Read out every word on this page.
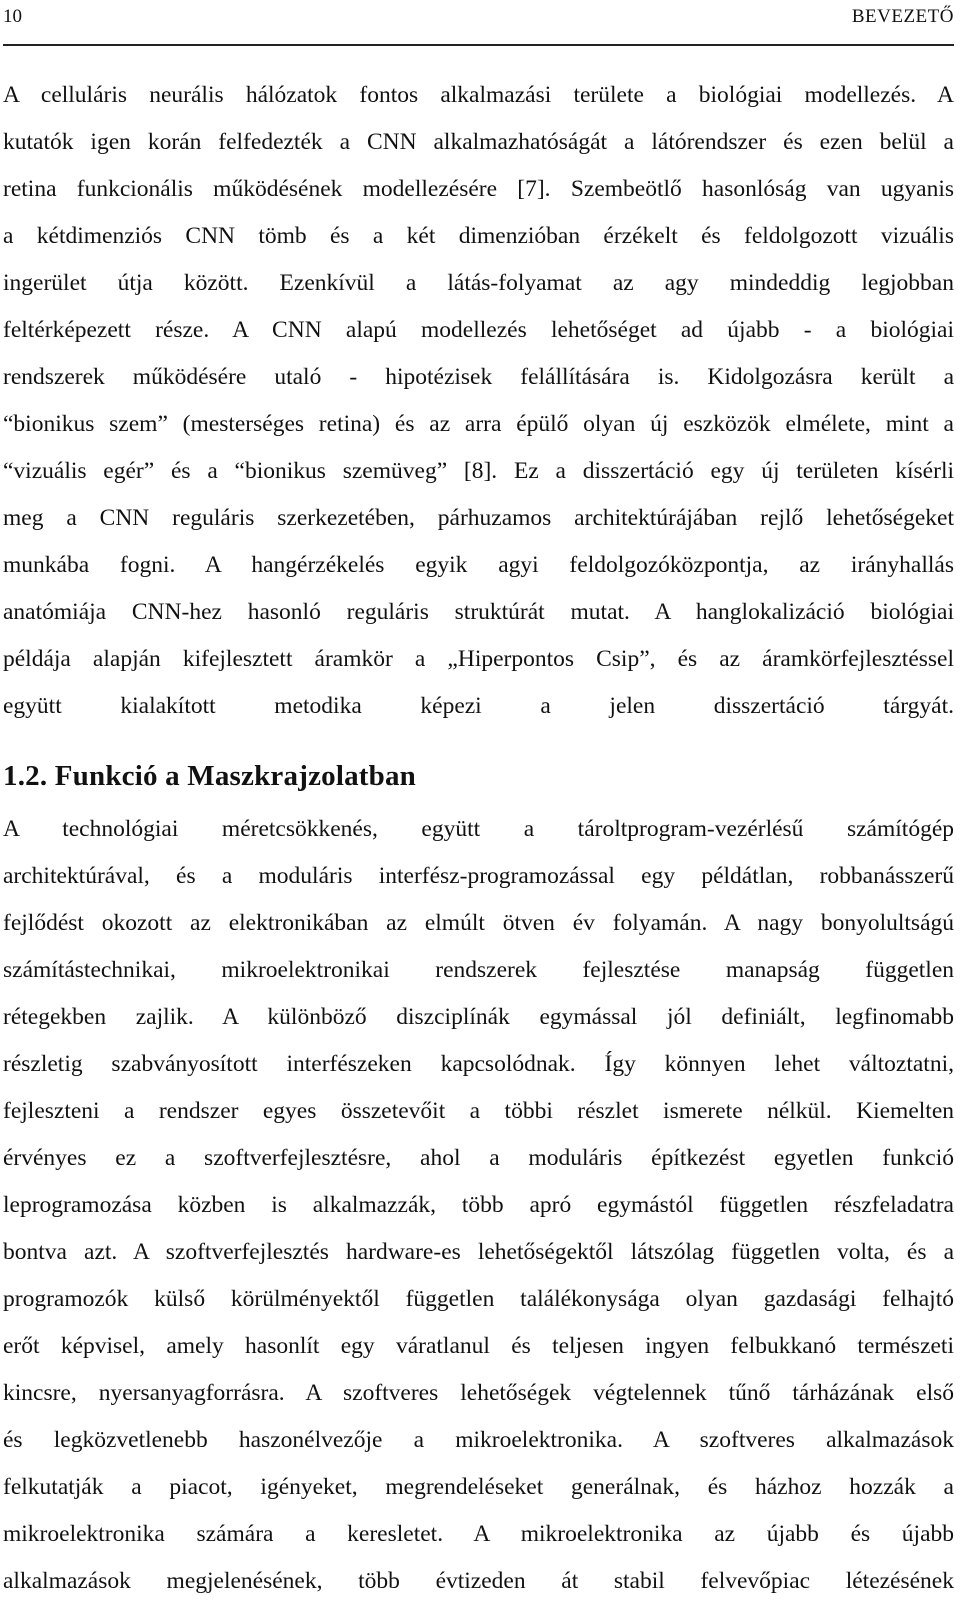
10	BEVEZETŐ

A celluláris neurális hálózatok fontos alkalmazási területe a biológiai modellezés. A
kutatók igen korán felfedezték a CNN alkalmazhatóságát a látórendszer és ezen belül a
retina funkcionális működésének modellezésére [7]. Szembeötlő hasonlóság van ugyanis
a kétdimenziós CNN tömb és a két dimenzióban érzékelt és feldolgozott vizuális
ingerület útja között. Ezenkívül a látás-folyamat az agy mindeddig legjobban
feltérképezett része. A CNN alapú modellezés lehetőséget ad újabb - a biológiai
rendszerek működésére utaló - hipotézisek felállítására is. Kidolgozásra került a
“bionikus szem” (mesterséges retina) és az arra épülő olyan új eszközök elmélete, mint a
“vizuális egér” és a “bionikus szemüveg” [8]. Ez a disszertáció egy új területen kísérli
meg a CNN reguláris szerkezetében, párhuzamos architektúrájában rejlő lehetőségeket
munkába fogni. A hangérzékelés egyik agyi feldolgozóközpontja, az irányhallás
anatómiája CNN-hez hasonló reguláris struktúrát mutat. A hanglokalizáció biológiai
példája alapján kifejlesztett áramkör a „Hiperpontos Csip”, és az áramkörfejlesztéssel
együtt kialakított metodika képezi a jelen disszertáció tárgyát.

1.2. Funkció a Maszkrajzolatban

A technológiai méretcsökkenés, együtt a tároltprogram-vezérlésű számítógép
architektúrával, és a moduláris interfész-programozással egy példátlan, robbanásszerű
fejlődést okozott az elektronikában az elmúlt ötven év folyamán. A nagy bonyolultságú
számítástechnikai, mikroelektronikai rendszerek fejlesztése manapság független
rétegekben zajlik. A különböző diszciplínák egymással jól definiált, legfinomabb
részletig szabványosított interfészeken kapcsolódnak. Így könnyen lehet változtatni,
fejleszteni a rendszer egyes összetevőit a többi részlet ismerete nélkül. Kiemelten
érvényes ez a szoftverfejlesztésre, ahol a moduláris építkezést egyetlen funkció
leprogramozása közben is alkalmazzák, több apró egymástól független részfeladatra
bontva azt. A szoftverfejlesztés hardware-es lehetőségektől látszólag független volta, és a
programozók külső körülményektől független találékonysága olyan gazdasági felhajtó
erőt képvisel, amely hasonlít egy váratlanul és teljesen ingyen felbukkanó természeti
kincsre, nyersanyagforrásra. A szoftveres lehetőségek végtelennek tűnő tárházának első
és legközvetlenebb haszonélvezője a mikroelektronika. A szoftveres alkalmazások
felkutatják a piacot, igényeket, megrendeléseket generálnak, és házhoz hozzák a
mikroelektronika számára a keresletet. A mikroelektronika az újabb és újabb
alkalmazások megjelenésének, több évtizeden át stabil felvevőpiac létezésének
